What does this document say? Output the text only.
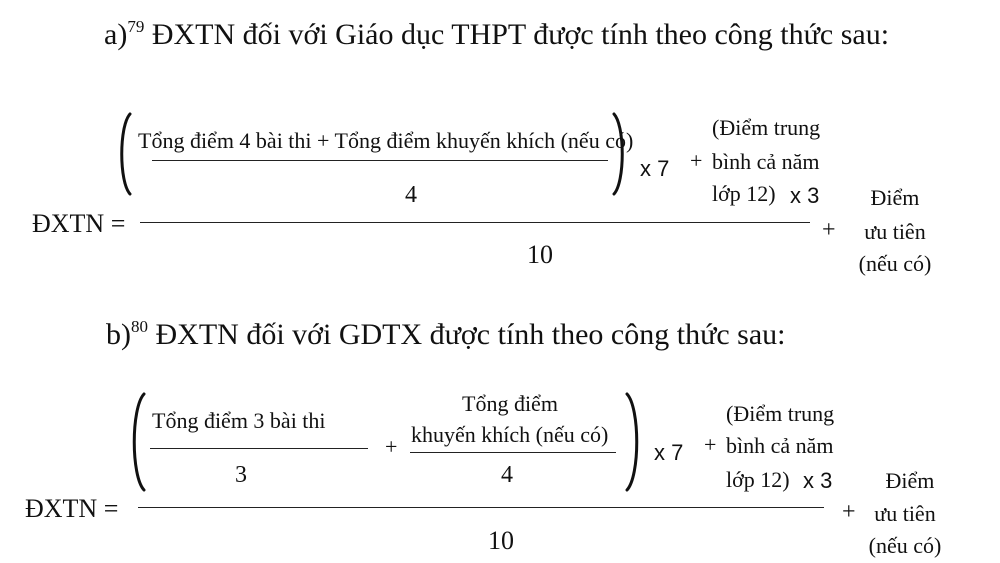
a)$^{79}$ ĐXTN đối với Giáo dục THPT được tính theo công thức sau:
ĐXTN =
Tổng điểm 4 bài thi + Tổng điểm khuyến khích (nếu có)
4
x 7 +
(Điểm trung
bình cả năm
lớp 12) x 3
10
+
Điểm
ưu tiên
(nếu có)
b)$^{80}$ ĐXTN đối với GDTX được tính theo công thức sau:
ĐXTN =
Tổng điểm 3 bài thi
3
+
Tổng điểm
khuyến khích (nếu có)
4
x 7 +
(Điểm trung
bình cả năm
lớp 12) x 3
10
+
Điểm
ưu tiên
(nếu có)
